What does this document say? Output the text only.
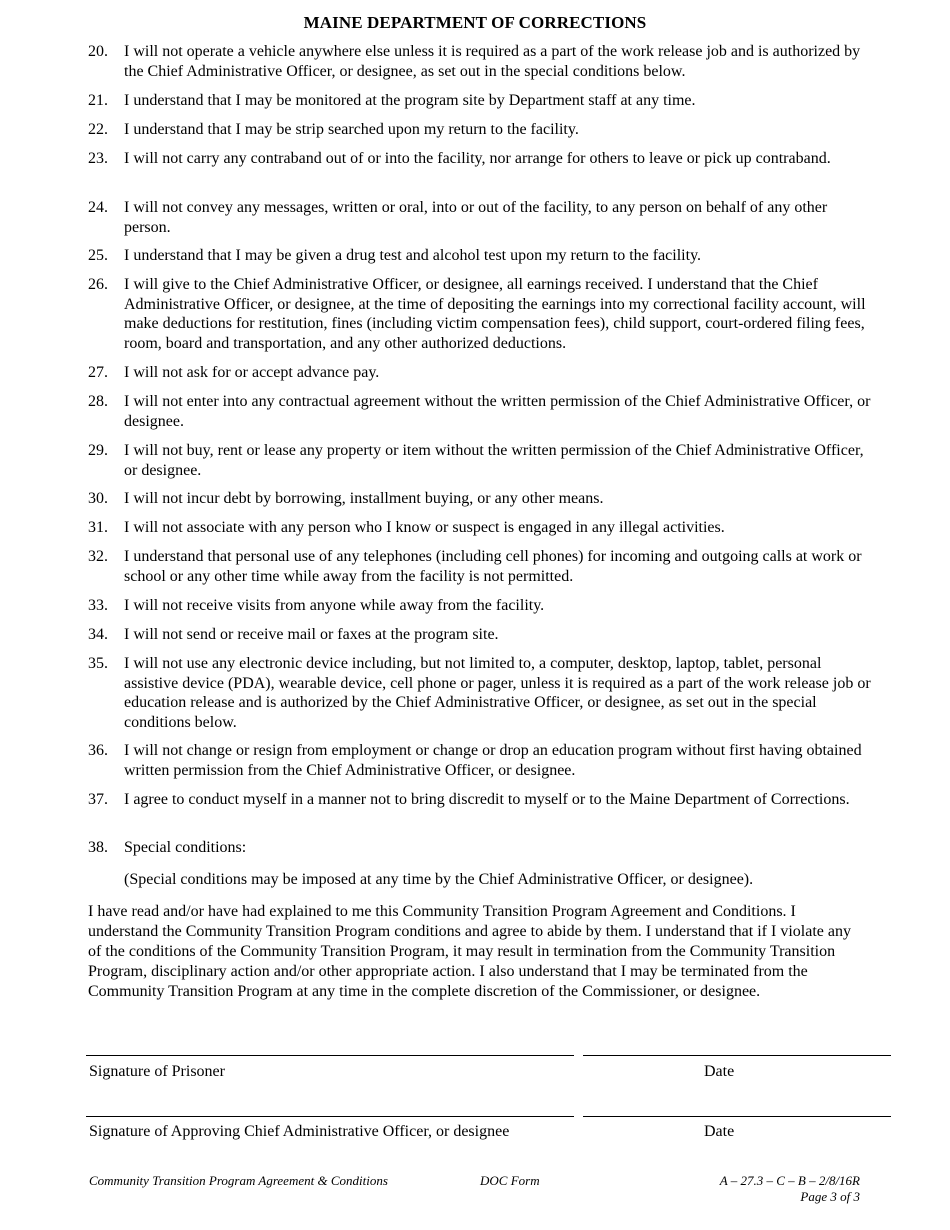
MAINE DEPARTMENT OF CORRECTIONS
20. I will not operate a vehicle anywhere else unless it is required as a part of the work release job and is authorized by the Chief Administrative Officer, or designee, as set out in the special conditions below.
21. I understand that I may be monitored at the program site by Department staff at any time.
22. I understand that I may be strip searched upon my return to the facility.
23. I will not carry any contraband out of or into the facility, nor arrange for others to leave or pick up contraband.
24. I will not convey any messages, written or oral, into or out of the facility, to any person on behalf of any other person.
25. I understand that I may be given a drug test and alcohol test upon my return to the facility.
26. I will give to the Chief Administrative Officer, or designee, all earnings received. I understand that the Chief Administrative Officer, or designee, at the time of depositing the earnings into my correctional facility account, will make deductions for restitution, fines (including victim compensation fees), child support, court-ordered filing fees, room, board and transportation, and any other authorized deductions.
27. I will not ask for or accept advance pay.
28. I will not enter into any contractual agreement without the written permission of the Chief Administrative Officer, or designee.
29. I will not buy, rent or lease any property or item without the written permission of the Chief Administrative Officer, or designee.
30. I will not incur debt by borrowing, installment buying, or any other means.
31. I will not associate with any person who I know or suspect is engaged in any illegal activities.
32. I understand that personal use of any telephones (including cell phones) for incoming and outgoing calls at work or school or any other time while away from the facility is not permitted.
33. I will not receive visits from anyone while away from the facility.
34. I will not send or receive mail or faxes at the program site.
35. I will not use any electronic device including, but not limited to, a computer, desktop, laptop, tablet, personal assistive device (PDA), wearable device, cell phone or pager, unless it is required as a part of the work release job or education release and is authorized by the Chief Administrative Officer, or designee, as set out in the special conditions below.
36. I will not change or resign from employment or change or drop an education program without first having obtained written permission from the Chief Administrative Officer, or designee.
37. I agree to conduct myself in a manner not to bring discredit to myself or to the Maine Department of Corrections.
38. Special conditions:
(Special conditions may be imposed at any time by the Chief Administrative Officer, or designee).
I have read and/or have had explained to me this Community Transition Program Agreement and Conditions. I understand the Community Transition Program conditions and agree to abide by them. I understand that if I violate any of the conditions of the Community Transition Program, it may result in termination from the Community Transition Program, disciplinary action and/or other appropriate action. I also understand that I may be terminated from the Community Transition Program at any time in the complete discretion of the Commissioner, or designee.
Signature of Prisoner	Date
Signature of Approving Chief Administrative Officer, or designee	Date
Community Transition Program Agreement & Conditions	DOC Form	A – 27.3 – C – B – 2/8/16R
Page 3 of 3
